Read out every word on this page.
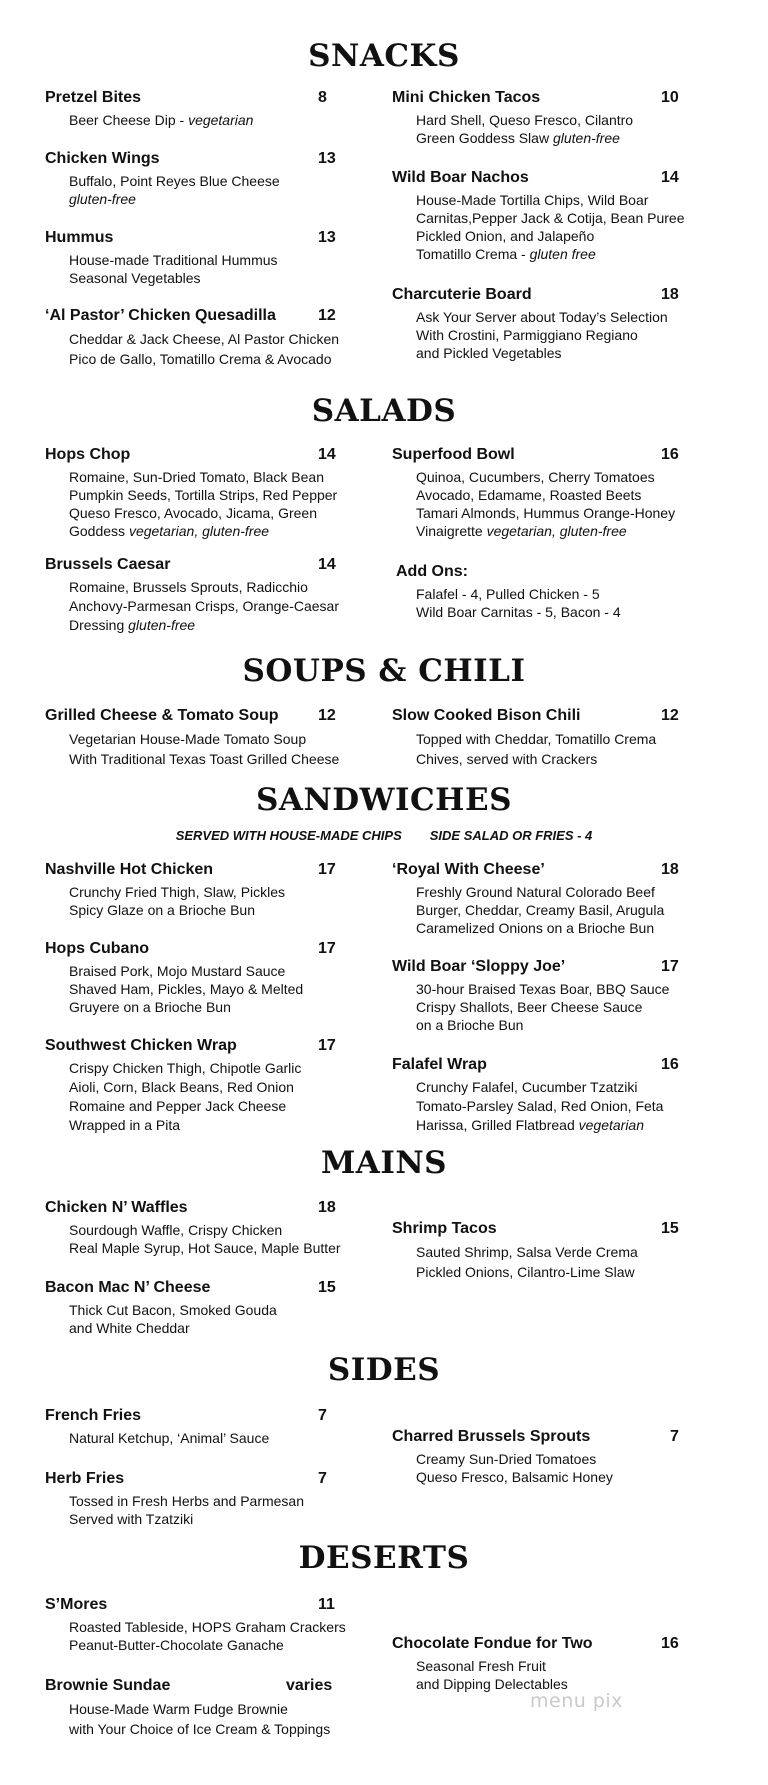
SNACKS
Pretzel Bites	8
Beer Cheese Dip - vegetarian
Chicken Wings	13
Buffalo, Point Reyes Blue Cheese
gluten-free
Hummus	13
House-made Traditional Hummus
Seasonal Vegetables
‘Al Pastor’ Chicken Quesadilla	12
Cheddar & Jack Cheese, Al Pastor Chicken
Pico de Gallo, Tomatillo Crema & Avocado
Mini Chicken Tacos	10
Hard Shell, Queso Fresco, Cilantro
Green Goddess Slaw gluten-free
Wild Boar Nachos	14
House-Made Tortilla Chips, Wild Boar
Carnitas,Pepper Jack & Cotija, Bean Puree
Pickled Onion, and Jalapeño
Tomatillo Crema - gluten free
Charcuterie Board	18
Ask Your Server about Today’s Selection
With Crostini, Parmiggiano Regiano
and Pickled Vegetables
SALADS
Hops Chop	14
Romaine, Sun-Dried Tomato, Black Bean
Pumpkin Seeds, Tortilla Strips, Red Pepper
Queso Fresco, Avocado, Jicama, Green
Goddess vegetarian, gluten-free
Brussels Caesar	14
Romaine, Brussels Sprouts, Radicchio
Anchovy-Parmesan Crisps, Orange-Caesar
Dressing gluten-free
Superfood Bowl	16
Quinoa, Cucumbers, Cherry Tomatoes
Avocado, Edamame, Roasted Beets
Tamari Almonds, Hummus Orange-Honey
Vinaigrette vegetarian, gluten-free
Add Ons:
Falafel - 4, Pulled Chicken - 5
Wild Boar Carnitas - 5, Bacon - 4
SOUPS & CHILI
Grilled Cheese & Tomato Soup 12
Vegetarian House-Made Tomato Soup
With Traditional Texas Toast Grilled Cheese
Slow Cooked Bison Chili	12
Topped with Cheddar, Tomatillo Crema
Chives, served with Crackers
SANDWICHES
SERVED WITH HOUSE-MADE CHIPS SIDE SALAD OR FRIES - 4
Nashville Hot Chicken	17
Crunchy Fried Thigh, Slaw, Pickles
Spicy Glaze on a Brioche Bun
Hops Cubano	17
Braised Pork, Mojo Mustard Sauce
Shaved Ham, Pickles, Mayo & Melted
Gruyere on a Brioche Bun
Southwest Chicken Wrap	17
Crispy Chicken Thigh, Chipotle Garlic
Aioli, Corn, Black Beans, Red Onion
Romaine and Pepper Jack Cheese
Wrapped in a Pita
‘Royal With Cheese’	18
Freshly Ground Natural Colorado Beef
Burger, Cheddar, Creamy Basil, Arugula
Caramelized Onions on a Brioche Bun
Wild Boar ‘Sloppy Joe’	17
30-hour Braised Texas Boar, BBQ Sauce
Crispy Shallots, Beer Cheese Sauce
on a Brioche Bun
Falafel Wrap	16
Crunchy Falafel, Cucumber Tzatziki
Tomato-Parsley Salad, Red Onion, Feta
Harissa, Grilled Flatbread vegetarian
MAINS
Chicken N’ Waffles	18
Sourdough Waffle, Crispy Chicken
Real Maple Syrup, Hot Sauce, Maple Butter
Bacon Mac N’ Cheese	15
Thick Cut Bacon, Smoked Gouda
and White Cheddar
Shrimp Tacos	15
Sauted Shrimp, Salsa Verde Crema
Pickled Onions, Cilantro-Lime Slaw
SIDES
French Fries	7
Natural Ketchup, ‘Animal’ Sauce
Herb Fries	7
Tossed in Fresh Herbs and Parmesan
Served with Tzatziki
Charred Brussels Sprouts	7
Creamy Sun-Dried Tomatoes
Queso Fresco, Balsamic Honey
DESERTS
S’Mores	11
Roasted Tableside, HOPS Graham Crackers
Peanut-Butter-Chocolate Ganache
Brownie Sundae	varies
House-Made Warm Fudge Brownie
with Your Choice of Ice Cream & Toppings
Chocolate Fondue for Two	16
Seasonal Fresh Fruit
and Dipping Delectables
menu pix
